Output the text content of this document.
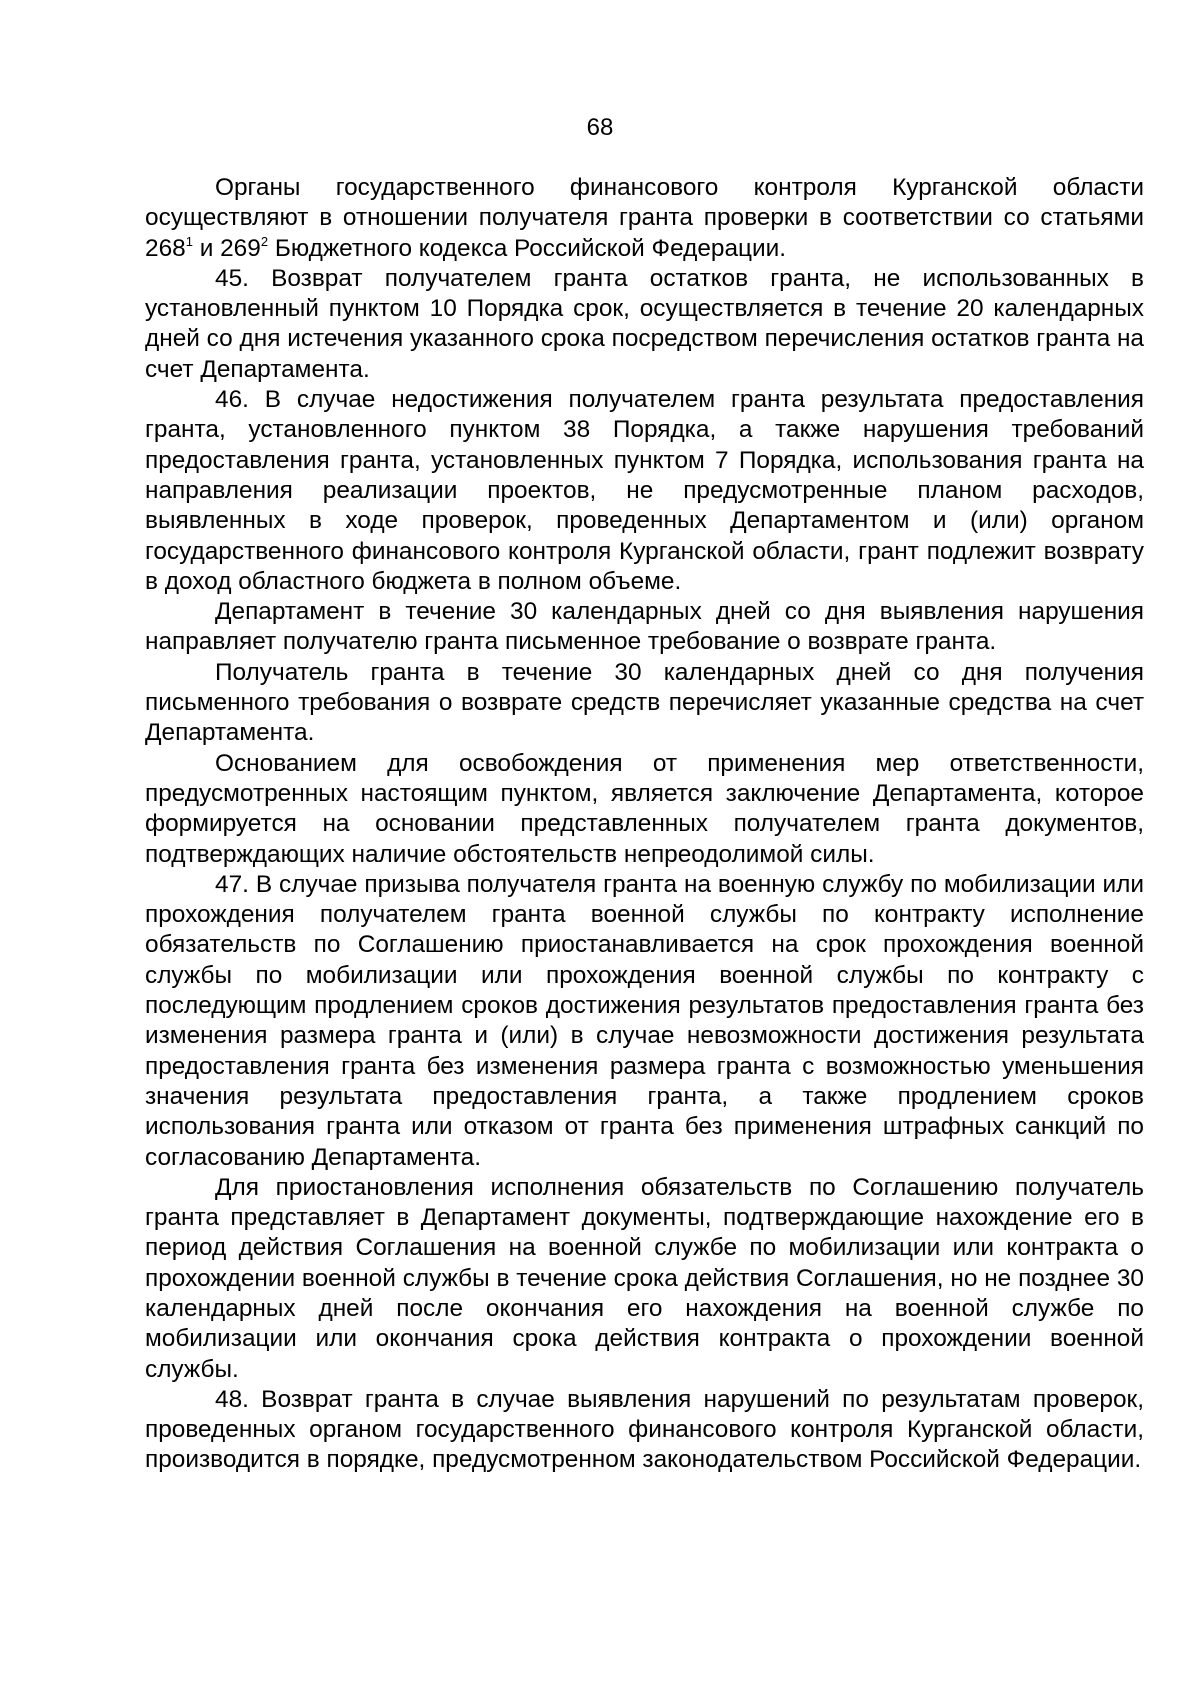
68

Органы государственного финансового контроля Курганской области осуществляют в отношении получателя гранта проверки в соответствии со статьями $268^1$ и $269^2$ Бюджетного кодекса Российской Федерации.

45. Возврат получателем гранта остатков гранта, не использованных в установленный пунктом 10 Порядка срок, осуществляется в течение 20 календарных дней со дня истечения указанного срока посредством перечисления остатков гранта на счет Департамента.

46. В случае недостижения получателем гранта результата предоставления гранта, установленного пунктом 38 Порядка, а также нарушения требований предоставления гранта, установленных пунктом 7 Порядка, использования гранта на направления реализации проектов, не предусмотренные планом расходов, выявленных в ходе проверок, проведенных Департаментом и (или) органом государственного финансового контроля Курганской области, грант подлежит возврату в доход областного бюджета в полном объеме.

Департамент в течение 30 календарных дней со дня выявления нарушения направляет получателю гранта письменное требование о возврате гранта.

Получатель гранта в течение 30 календарных дней со дня получения письменного требования о возврате средств перечисляет указанные средства на счет Департамента.

Основанием для освобождения от применения мер ответственности, предусмотренных настоящим пунктом, является заключение Департамента, которое формируется на основании представленных получателем гранта документов, подтверждающих наличие обстоятельств непреодолимой силы.

47. В случае призыва получателя гранта на военную службу по мобилизации или прохождения получателем гранта военной службы по контракту исполнение обязательств по Соглашению приостанавливается на срок прохождения военной службы по мобилизации или прохождения военной службы по контракту с последующим продлением сроков достижения результатов предоставления гранта без изменения размера гранта и (или) в случае невозможности достижения результата предоставления гранта без изменения размера гранта с возможностью уменьшения значения результата предоставления гранта, а также продлением сроков использования гранта или отказом от гранта без применения штрафных санкций по согласованию Департамента.

Для приостановления исполнения обязательств по Соглашению получатель гранта представляет в Департамент документы, подтверждающие нахождение его в период действия Соглашения на военной службе по мобилизации или контракта о прохождении военной службы в течение срока действия Соглашения, но не позднее 30 календарных дней после окончания его нахождения на военной службе по мобилизации или окончания срока действия контракта о прохождении военной службы.

48. Возврат гранта в случае выявления нарушений по результатам проверок, проведенных органом государственного финансового контроля Курганской области, производится в порядке, предусмотренном законодательством Российской Федерации.
